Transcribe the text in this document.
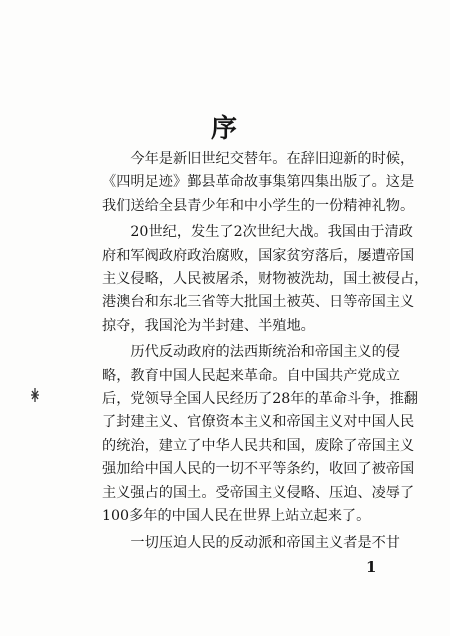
序

今年是新旧世纪交替年。在辞旧迎新的时候，
《四明足迹》鄞县革命故事集第四集出版了。这是
我们送给全县青少年和中小学生的一份精神礼物。

20世纪，发生了2次世纪大战。我国由于清政
府和军阀政府政治腐败，国家贫穷落后，屡遭帝国
主义侵略，人民被屠杀，财物被洗劫，国土被侵占，
港澳台和东北三省等大批国土被英、日等帝国主义
掠夺，我国沦为半封建、半殖地。

历代反动政府的法西斯统治和帝国主义的侵
略，教育中国人民起来革命。自中国共产党成立
后，党领导全国人民经历了28年的革命斗争，推翻
了封建主义、官僚资本主义和帝国主义对中国人民
的统治，建立了中华人民共和国，废除了帝国主义
强加给中国人民的一切不平等条约，收回了被帝国
主义强占的国土。受帝国主义侵略、压迫、凌辱了
100多年的中国人民在世界上站立起来了。

一切压迫人民的反动派和帝国主义者是不甘

1
